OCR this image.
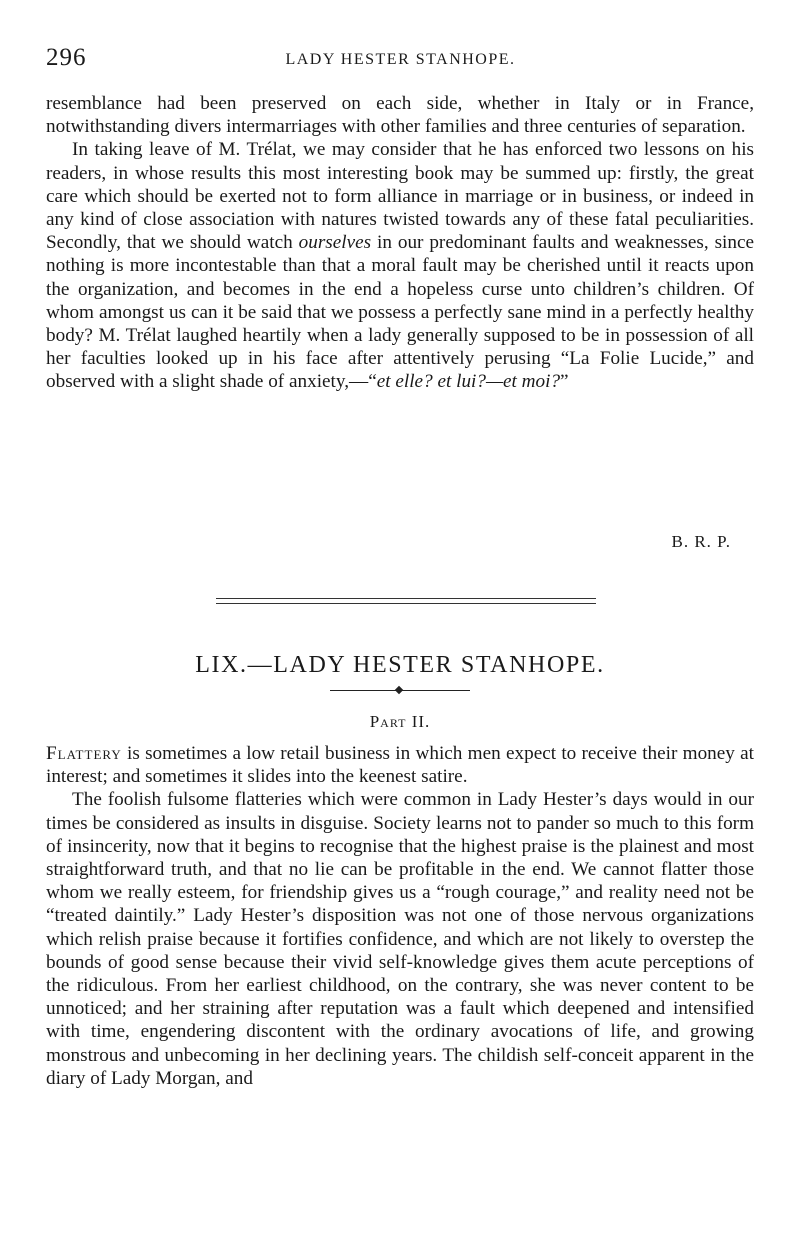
296	LADY HESTER STANHOPE.

resemblance had been preserved on each side, whether in Italy or in France, notwithstanding divers intermarriages with other families and three centuries of separation.

In taking leave of M. Trélat, we may consider that he has enforced two lessons on his readers, in whose results this most interesting book may be summed up: firstly, the great care which should be exerted not to form alliance in marriage or in business, or indeed in any kind of close association with natures twisted towards any of these fatal peculiarities. Secondly, that we should watch ourselves in our predominant faults and weaknesses, since nothing is more incontestable than that a moral fault may be cherished until it reacts upon the organization, and becomes in the end a hopeless curse unto children’s children. Of whom amongst us can it be said that we possess a perfectly sane mind in a perfectly healthy body? M. Trélat laughed heartily when a lady generally supposed to be in possession of all her faculties looked up in his face after attentively perusing “La Folie Lucide,” and observed with a slight shade of anxiety,—“et elle? et lui?—et moi?”

B. R. P.
LIX.—LADY HESTER STANHOPE.
Part II.

Flattery is sometimes a low retail business in which men expect to receive their money at interest; and sometimes it slides into the keenest satire.

The foolish fulsome flatteries which were common in Lady Hester’s days would in our times be considered as insults in disguise. Society learns not to pander so much to this form of insincerity, now that it begins to recognise that the highest praise is the plainest and most straightforward truth, and that no lie can be profitable in the end. We cannot flatter those whom we really esteem, for friendship gives us a “rough courage,” and reality need not be “treated daintily.” Lady Hester’s disposition was not one of those nervous organizations which relish praise because it fortifies confidence, and which are not likely to overstep the bounds of good sense because their vivid self-knowledge gives them acute perceptions of the ridiculous. From her earliest childhood, on the contrary, she was never content to be unnoticed; and her straining after reputation was a fault which deepened and intensified with time, engendering discontent with the ordinary avocations of life, and growing monstrous and unbecoming in her declining years. The childish self-conceit apparent in the diary of Lady Morgan, and
